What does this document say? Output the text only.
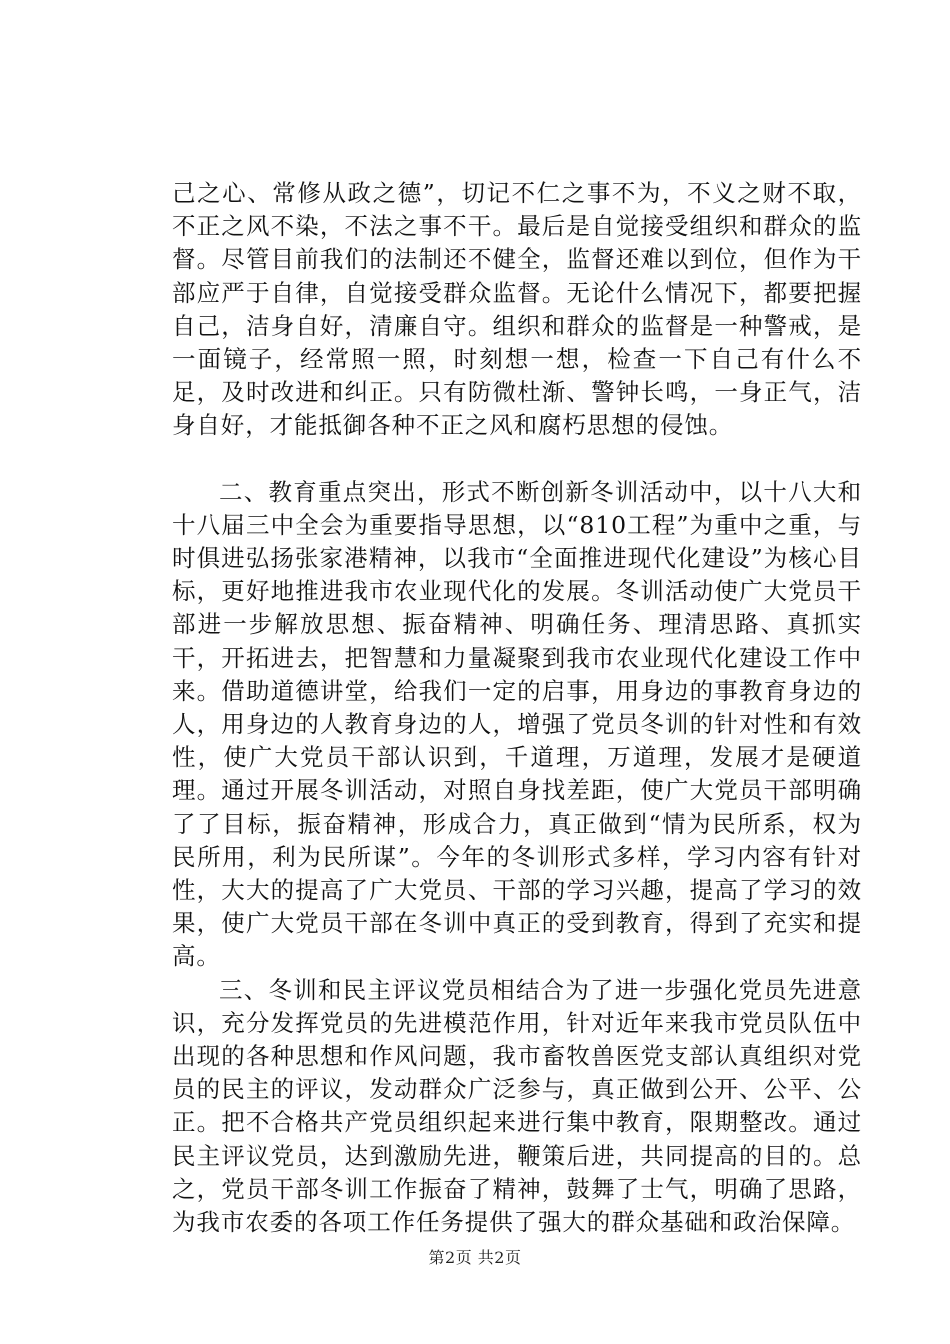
己之心、常修从政之德”，切记不仁之事不为，不义之财不取，不正之风不染，不法之事不干。最后是自觉接受组织和群众的监督。尽管目前我们的法制还不健全，监督还难以到位，但作为干部应严于自律，自觉接受群众监督。无论什么情况下，都要把握自己，洁身自好，清廉自守。组织和群众的监督是一种警戒，是一面镜子，经常照一照，时刻想一想，检查一下自己有什么不足，及时改进和纠正。只有防微杜渐、警钟长鸣，一身正气，洁身自好，才能抵御各种不正之风和腐朽思想的侵蚀。

二、教育重点突出，形式不断创新冬训活动中，以十八大和十八届三中全会为重要指导思想，以“810工程”为重中之重，与时俱进弘扬张家港精神，以我市“全面推进现代化建设”为核心目标，更好地推进我市农业现代化的发展。冬训活动使广大党员干部进一步解放思想、振奋精神、明确任务、理清思路、真抓实干，开拓进去，把智慧和力量凝聚到我市农业现代化建设工作中来。借助道德讲堂，给我们一定的启事，用身边的事教育身边的人，用身边的人教育身边的人，增强了党员冬训的针对性和有效性，使广大党员干部认识到，千道理，万道理，发展才是硬道理。通过开展冬训活动，对照自身找差距，使广大党员干部明确了了目标，振奋精神，形成合力，真正做到“情为民所系，权为民所用，利为民所谋”。今年的冬训形式多样，学习内容有针对性，大大的提高了广大党员、干部的学习兴趣，提高了学习的效果，使广大党员干部在冬训中真正的受到教育，得到了充实和提高。

三、冬训和民主评议党员相结合为了进一步强化党员先进意识，充分发挥党员的先进模范作用，针对近年来我市党员队伍中出现的各种思想和作风问题，我市畜牧兽医党支部认真组织对党员的民主的评议，发动群众广泛参与，真正做到公开、公平、公正。把不合格共产党员组织起来进行集中教育，限期整改。通过民主评议党员，达到激励先进，鞭策后进，共同提高的目的。总之，党员干部冬训工作振奋了精神，鼓舞了士气，明确了思路，为我市农委的各项工作任务提供了强大的群众基础和政治保障。

第2页 共2页
